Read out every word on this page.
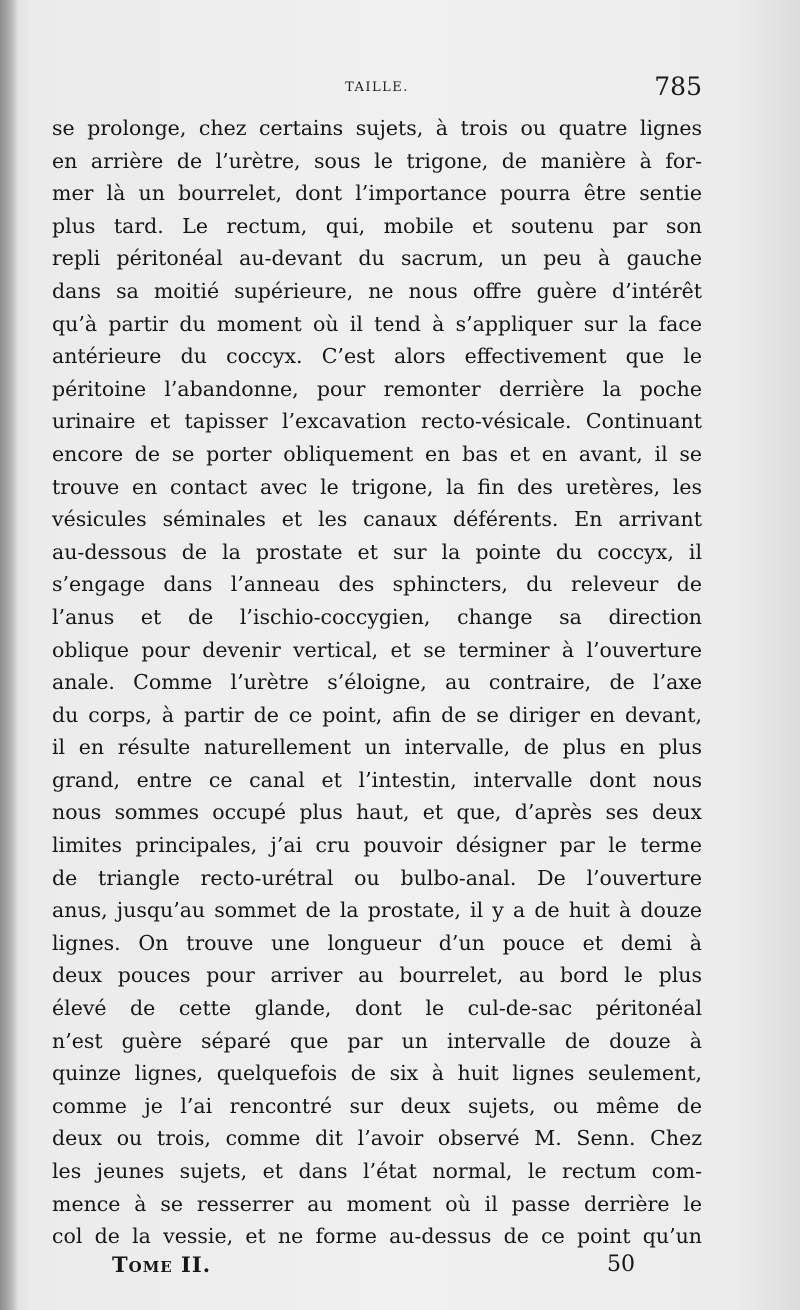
TAILLE.	785
se prolonge, chez certains sujets, à trois ou quatre lignes
en arrière de l’urètre, sous le trigone, de manière à for-
mer là un bourrelet, dont l’importance pourra être sentie
plus tard. Le rectum, qui, mobile et soutenu par son
repli péritonéal au-devant du sacrum, un peu à gauche
dans sa moitié supérieure, ne nous offre guère d’intérêt
qu’à partir du moment où il tend à s’appliquer sur la face
antérieure du coccyx. C’est alors effectivement que le
péritoine l’abandonne, pour remonter derrière la poche
urinaire et tapisser l’excavation recto-vésicale. Continuant
encore de se porter obliquement en bas et en avant, il se
trouve en contact avec le trigone, la fin des uretères, les
vésicules séminales et les canaux déférents. En arrivant
au-dessous de la prostate et sur la pointe du coccyx, il
s’engage dans l’anneau des sphincters, du releveur de
l’anus et de l’ischio-coccygien, change sa direction
oblique pour devenir vertical, et se terminer à l’ouverture
anale. Comme l’urètre s’éloigne, au contraire, de l’axe
du corps, à partir de ce point, afin de se diriger en devant,
il en résulte naturellement un intervalle, de plus en plus
grand, entre ce canal et l’intestin, intervalle dont nous
nous sommes occupé plus haut, et que, d’après ses deux
limites principales, j’ai cru pouvoir désigner par le terme
de triangle recto-urétral ou bulbo-anal. De l’ouverture
anus, jusqu’au sommet de la prostate, il y a de huit à douze
lignes. On trouve une longueur d’un pouce et demi à
deux pouces pour arriver au bourrelet, au bord le plus
élevé de cette glande, dont le cul-de-sac péritonéal
n’est guère séparé que par un intervalle de douze à
quinze lignes, quelquefois de six à huit lignes seulement,
comme je l’ai rencontré sur deux sujets, ou même de
deux ou trois, comme dit l’avoir observé M. Senn. Chez
les jeunes sujets, et dans l’état normal, le rectum com-
mence à se resserrer au moment où il passe derrière le
col de la vessie, et ne forme au-dessus de ce point qu’un
Tome II.	50
